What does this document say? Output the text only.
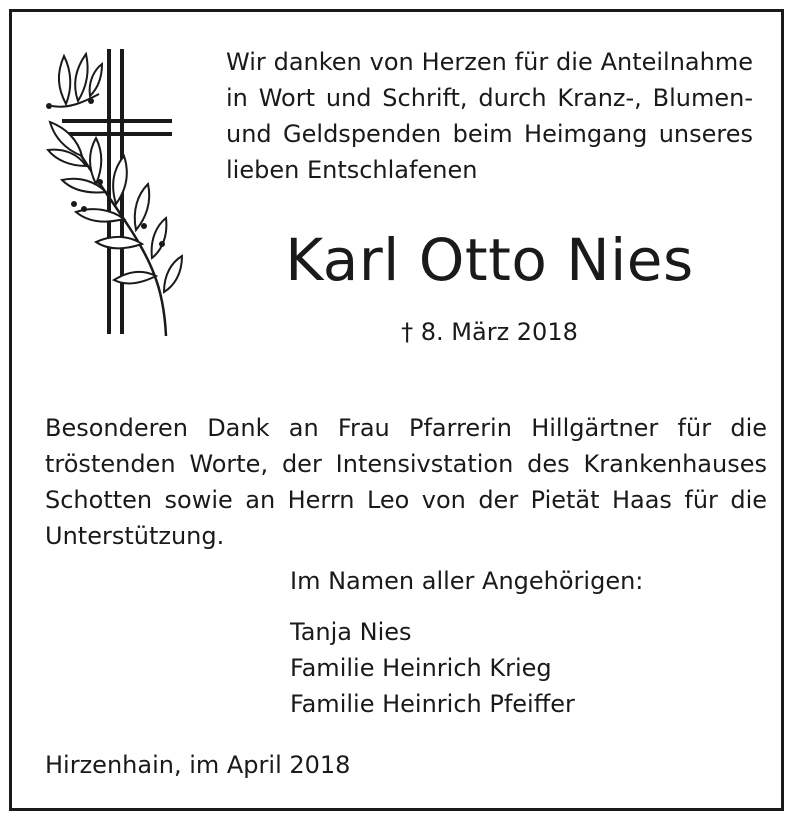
Wir danken von Herzen für die Anteilnahme
in Wort und Schrift, durch Kranz-, Blumen-
und Geldspenden beim Heimgang unseres
lieben Entschlafenen

Karl Otto Nies

† 8. März 2018

Besonderen Dank an Frau Pfarrerin Hillgärtner für die
tröstenden Worte, der Intensivstation des Krankenhauses
Schotten sowie an Herrn Leo von der Pietät Haas für die
Unterstützung.

Im Namen aller Angehörigen:

Tanja Nies
Familie Heinrich Krieg
Familie Heinrich Pfeiffer

Hirzenhain, im April 2018
